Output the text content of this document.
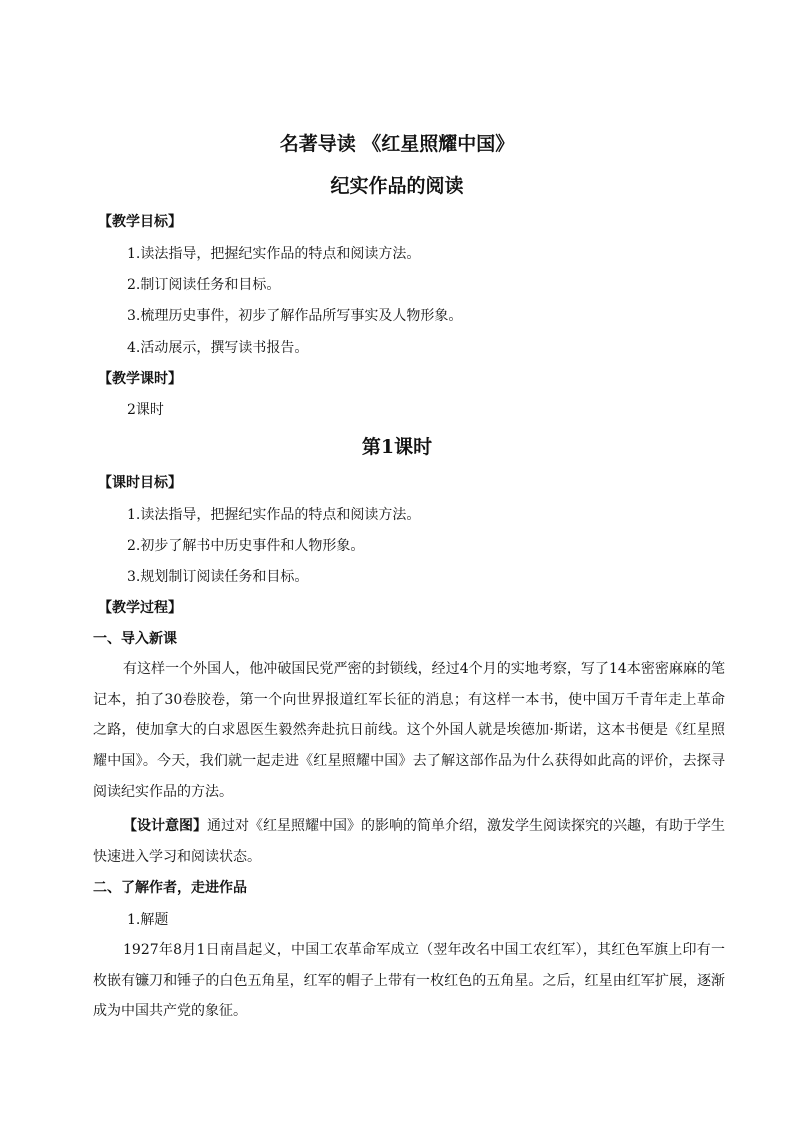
名著导读 《红星照耀中国》
纪实作品的阅读
【教学目标】
1.读法指导，把握纪实作品的特点和阅读方法。
2.制订阅读任务和目标。
3.梳理历史事件，初步了解作品所写事实及人物形象。
4.活动展示，撰写读书报告。
【教学课时】
2课时
第1课时
【课时目标】
1.读法指导，把握纪实作品的特点和阅读方法。
2.初步了解书中历史事件和人物形象。
3.规划制订阅读任务和目标。
【教学过程】
一、导入新课
有这样一个外国人，他冲破国民党严密的封锁线，经过4个月的实地考察，写了14本密密麻麻的笔记本，拍了30卷胶卷，第一个向世界报道红军长征的消息；有这样一本书，使中国万千青年走上革命之路，使加拿大的白求恩医生毅然奔赴抗日前线。这个外国人就是埃德加·斯诺，这本书便是《红星照耀中国》。今天，我们就一起走进《红星照耀中国》去了解这部作品为什么获得如此高的评价，去探寻阅读纪实作品的方法。
【设计意图】通过对《红星照耀中国》的影响的简单介绍，激发学生阅读探究的兴趣，有助于学生快速进入学习和阅读状态。
二、了解作者，走进作品
1.解题
1927年8月1日南昌起义，中国工农革命军成立（翌年改名中国工农红军），其红色军旗上印有一枚嵌有镰刀和锤子的白色五角星，红军的帽子上带有一枚红色的五角星。之后，红星由红军扩展，逐渐成为中国共产党的象征。
